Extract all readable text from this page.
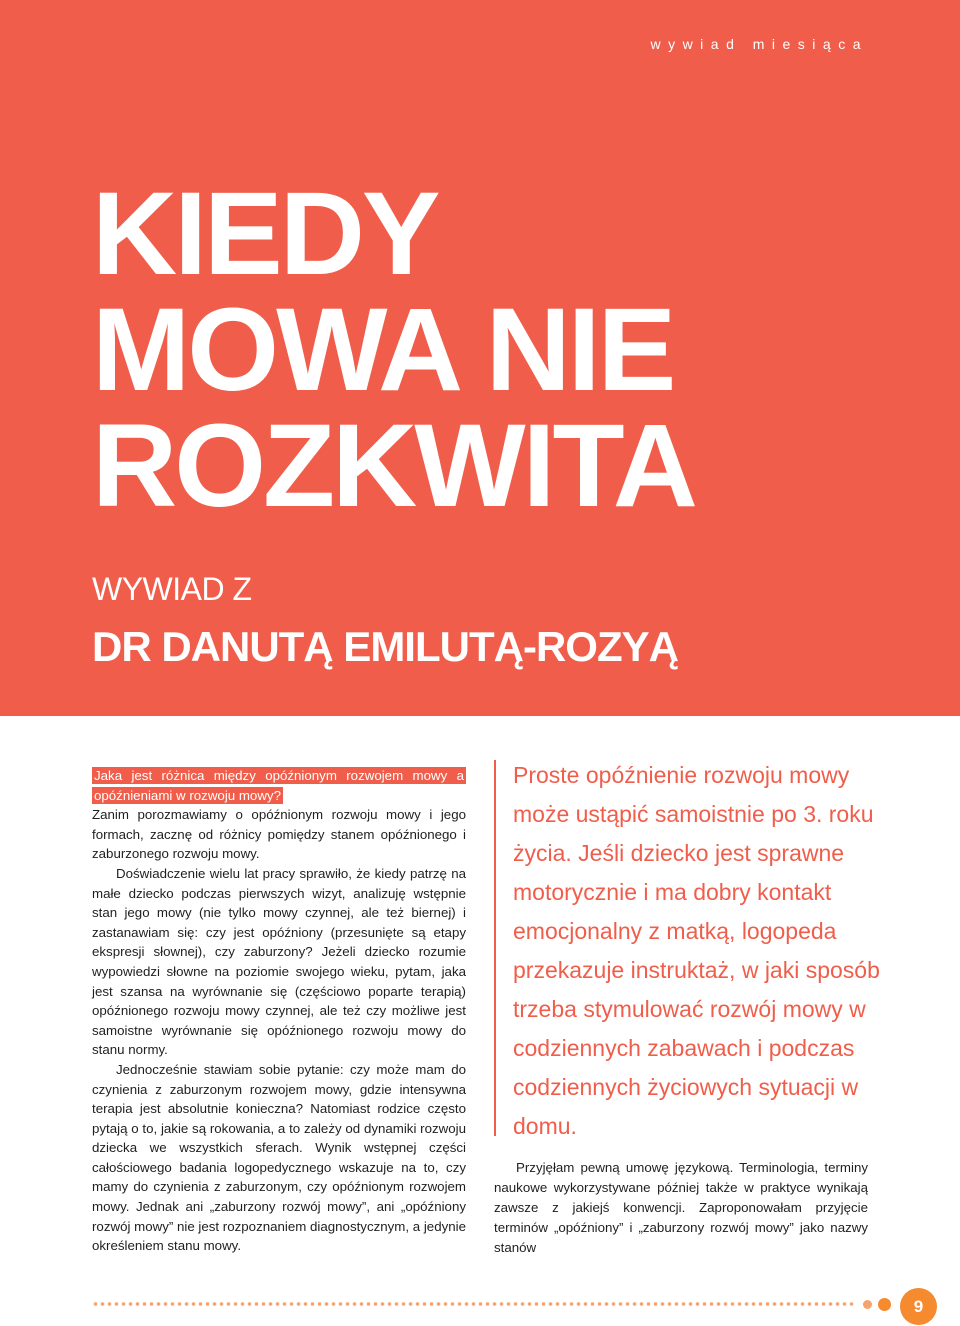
wywiad miesiąca
KIEDY
MOWA NIE
ROZKWITA

WYWIAD Z

DR DANUTĄ EMILUTĄ-ROZYĄ

Jaka jest różnica między opóźnionym rozwojem mowy a opóźnieniami w rozwoju mowy?
Zanim porozmawiamy o opóźnionym rozwoju mowy i jego formach, zacznę od różnicy pomiędzy stanem opóźnionego i zaburzonego rozwoju mowy.

Doświadczenie wielu lat pracy sprawiło, że kiedy patrzę na małe dziecko podczas pierwszych wizyt, analizuję wstępnie stan jego mowy (nie tylko mowy czynnej, ale też biernej) i zastanawiam się: czy jest opóźniony (przesunięte są etapy ekspresji słownej), czy zaburzony? Jeżeli dziecko rozumie wypowiedzi słowne na poziomie swojego wieku, pytam, jaka jest szansa na wyrównanie się (częściowo poparte terapią) opóźnionego rozwoju mowy czynnej, ale też czy możliwe jest samoistne wyrównanie się opóźnionego rozwoju mowy do stanu normy.

Jednocześnie stawiam sobie pytanie: czy może mam do czynienia z zaburzonym rozwojem mowy, gdzie intensywna terapia jest absolutnie konieczna? Natomiast rodzice często pytają o to, jakie są rokowania, a to zależy od dynamiki rozwoju dziecka we wszystkich sferach. Wynik wstępnej części całościowego badania logopedycznego wskazuje na to, czy mamy do czynienia z zaburzonym, czy opóźnionym rozwojem mowy. Jednak ani „zaburzony rozwój mowy”, ani „opóźniony rozwój mowy” nie jest rozpoznaniem diagnostycznym, a jedynie określeniem stanu mowy.

Proste opóźnienie rozwoju mowy może ustąpić samoistnie po 3. roku życia. Jeśli dziecko jest sprawne motorycznie i ma dobry kontakt emocjonalny z matką, logopeda przekazuje instruktaż, w jaki sposób trzeba stymulować rozwój mowy w codziennych zabawach i podczas codziennych życiowych sytuacji w domu.

Przyjęłam pewną umowę językową. Terminologia, terminy naukowe wykorzystywane później także w praktyce wynikają zawsze z jakiejś konwencji. Zaproponowałam przyjęcie terminów „opóźniony” i „zaburzony rozwój mowy” jako nazwy stanów

9
